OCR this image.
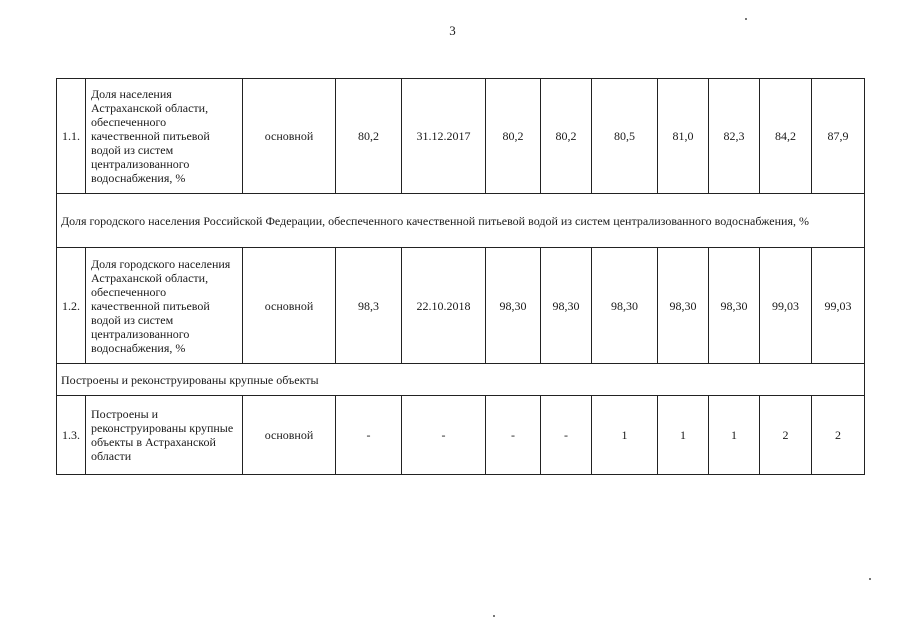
3
1.1.	Доля населения Астраханской области, обеспеченного качественной питьевой водой из систем централизованного водоснабжения, %	основной	80,2	31.12.2017	80,2	80,2	80,5	81,0	82,3	84,2	87,9
Доля городского населения Российской Федерации, обеспеченного качественной питьевой водой из систем централизованного водоснабжения, %											
1.2.	Доля городского населения Астраханской области, обеспеченного качественной питьевой водой из систем централизованного водоснабжения, %	основной	98,3	22.10.2018	98,30	98,30	98,30	98,30	98,30	99,03	99,03
Построены и реконструированы крупные объекты											
1.3.	Построены и реконструированы крупные объекты в Астраханской области	основной	-	-	-	-	1	1	1	2	2
